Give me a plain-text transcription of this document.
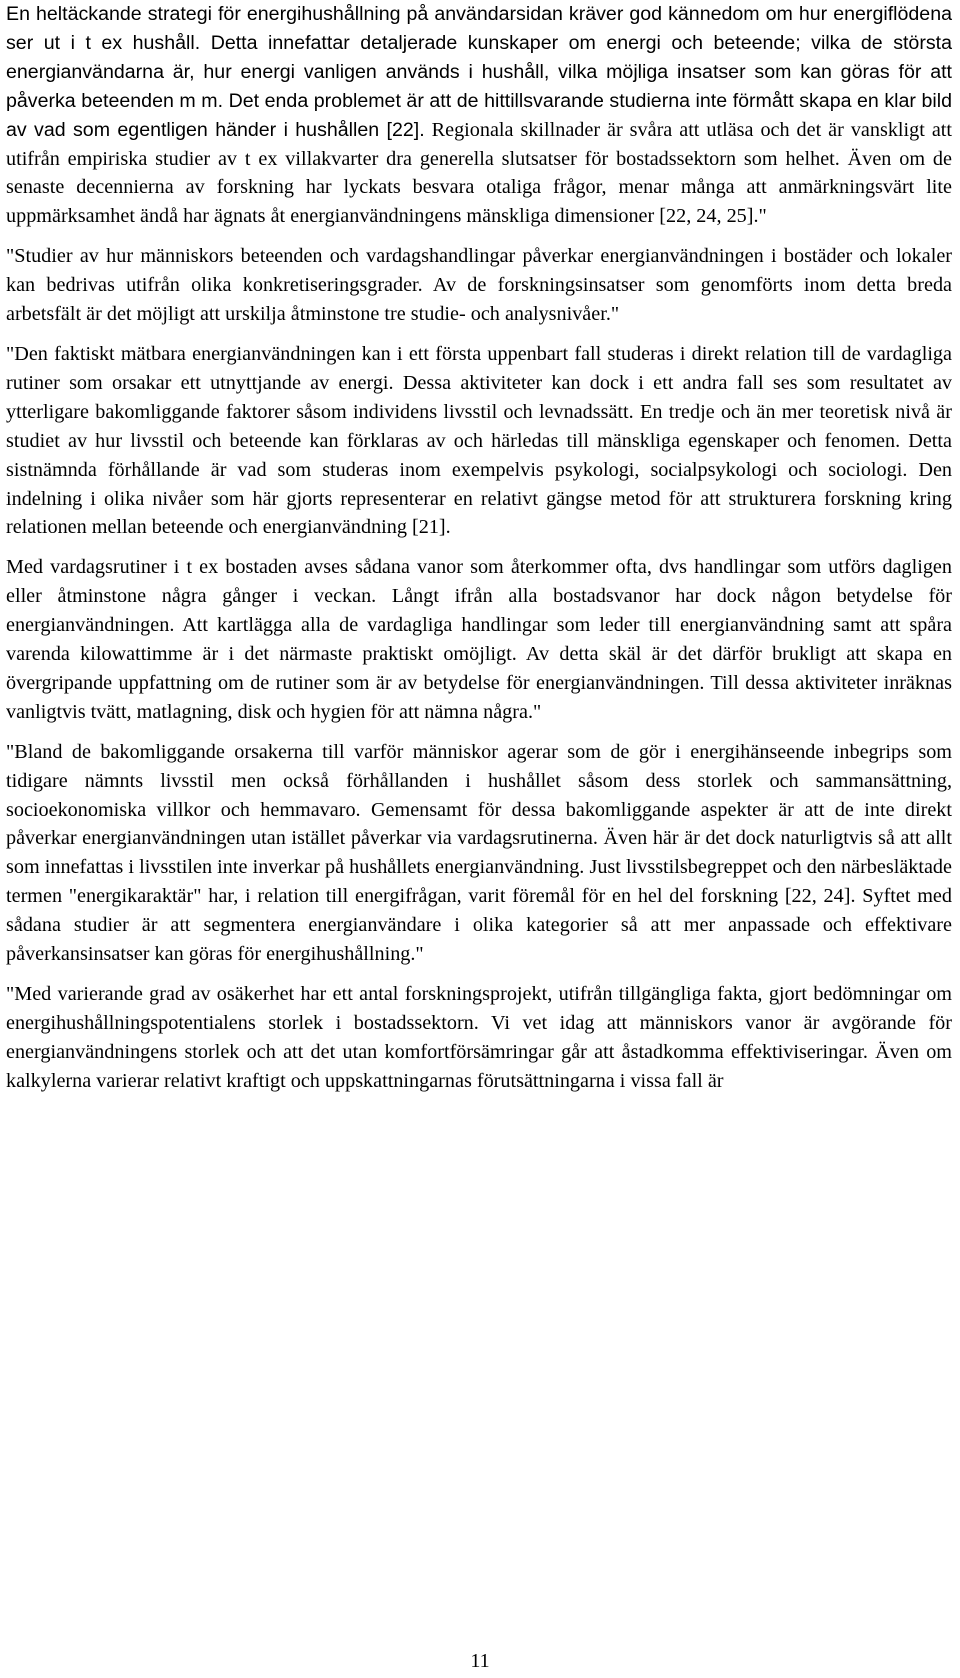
En heltäckande strategi för energihushållning på användarsidan kräver god kännedom om hur energiflödena ser ut i t ex hushåll. Detta innefattar detaljerade kunskaper om energi och beteende; vilka de största energianvändarna är, hur energi vanligen används i hushåll, vilka möjliga insatser som kan göras för att påverka beteenden m m. Det enda problemet är att de hittillsvarande studierna inte förmått skapa en klar bild av vad som egentligen händer i hushållen [22]. Regionala skillnader är svåra att utläsa och det är vanskligt att utifrån empiriska studier av t ex villakvarter dra generella slutsatser för bostadssektorn som helhet. Även om de senaste decennierna av forskning har lyckats besvara otaliga frågor, menar många att anmärkningsvärt lite uppmärksamhet ändå har ägnats åt energianvändningens mänskliga dimensioner [22, 24, 25]."

"Studier av hur människors beteenden och vardagshandlingar påverkar energianvändningen i bostäder och lokaler kan bedrivas utifrån olika konkretiseringsgrader. Av de forskningsinsatser som genomförts inom detta breda arbetsfält är det möjligt att urskilja åtminstone tre studie- och analysnivåer."

"Den faktiskt mätbara energianvändningen kan i ett första uppenbart fall studeras i direkt relation till de vardagliga rutiner som orsakar ett utnyttjande av energi. Dessa aktiviteter kan dock i ett andra fall ses som resultatet av ytterligare bakomliggande faktorer såsom individens livsstil och levnadssätt. En tredje och än mer teoretisk nivå är studiet av hur livsstil och beteende kan förklaras av och härledas till mänskliga egenskaper och fenomen. Detta sistnämnda förhållande är vad som studeras inom exempelvis psykologi, socialpsykologi och sociologi. Den indelning i olika nivåer som här gjorts representerar en relativt gängse metod för att strukturera forskning kring relationen mellan beteende och energianvändning [21].

Med vardagsrutiner i t ex bostaden avses sådana vanor som återkommer ofta, dvs handlingar som utförs dagligen eller åtminstone några gånger i veckan. Långt ifrån alla bostadsvanor har dock någon betydelse för energianvändningen. Att kartlägga alla de vardagliga handlingar som leder till energianvändning samt att spåra varenda kilowattimme är i det närmaste praktiskt omöjligt. Av detta skäl är det därför brukligt att skapa en övergripande uppfattning om de rutiner som är av betydelse för energianvändningen. Till dessa aktiviteter inräknas vanligtvis tvätt, matlagning, disk och hygien för att nämna några."

"Bland de bakomliggande orsakerna till varför människor agerar som de gör i energihänseende inbegrips som tidigare nämnts livsstil men också förhållanden i hushållet såsom dess storlek och sammansättning, socioekonomiska villkor och hemmavaro. Gemensamt för dessa bakomliggande aspekter är att de inte direkt påverkar energianvändningen utan istället påverkar via vardagsrutinerna. Även här är det dock naturligtvis så att allt som innefattas i livsstilen inte inverkar på hushållets energianvändning. Just livsstilsbegreppet och den närbesläktade termen "energikaraktär" har, i relation till energifrågan, varit föremål för en hel del forskning [22, 24]. Syftet med sådana studier är att segmentera energianvändare i olika kategorier så att mer anpassade och effektivare påverkansinsatser kan göras för energihushållning."

"Med varierande grad av osäkerhet har ett antal forskningsprojekt, utifrån tillgängliga fakta, gjort bedömningar om energihushållningspotentialens storlek i bostadssektorn. Vi vet idag att människors vanor är avgörande för energianvändningens storlek och att det utan komfortförsämringar går att åstadkomma effektiviseringar. Även om kalkylerna varierar relativt kraftigt och uppskattningarnas förutsättningarna i vissa fall är

11
